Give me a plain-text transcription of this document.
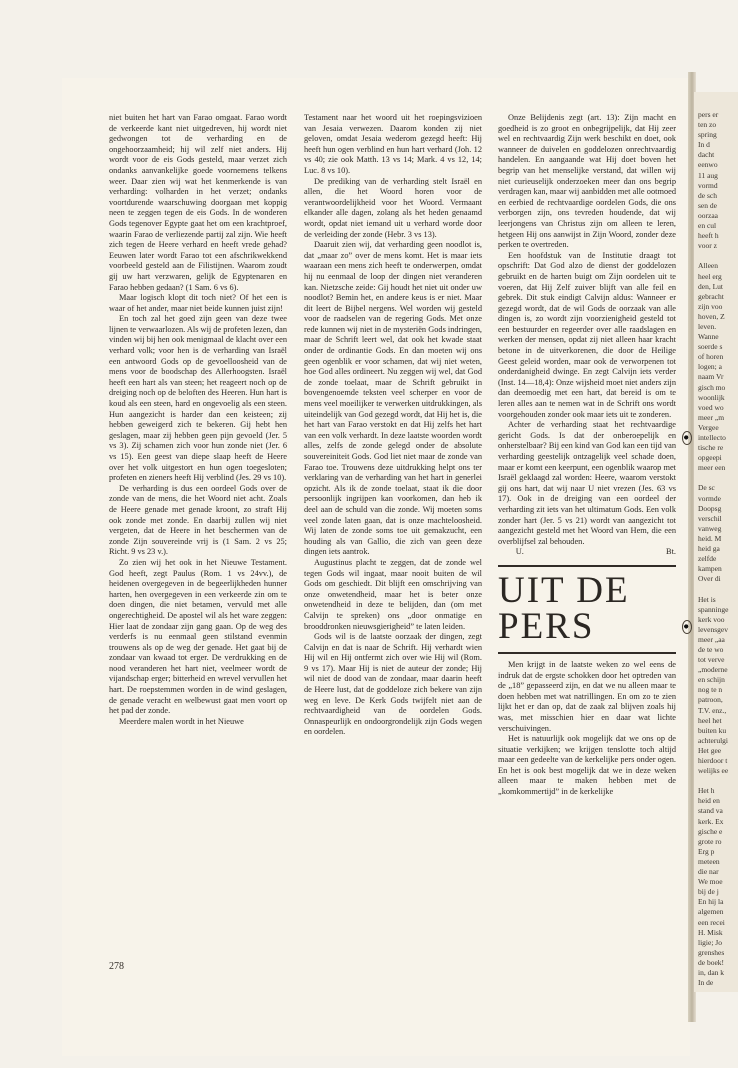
pers er
ten zo
spring
In d
dacht
eenwo
11 aug
vormd
de sch
sen de
oorzaa
en cul
heeft h
voor z

Alleen
heel erg
den, Lut
gebracht
zijn voo
hoven, Z
leven.
Wanne
soerde s
of horen
logen; a
naam Vr
gisch mo
woonlijk
voed wo
meer „m
Vergee
intellecto
tische re
opgeepi
meer een

De sc
vormde
Doopsg
verschil
vanweg
heid. M
heid ga
zelfde
kampen
Over di

Het is
spanninge
kerk voo
levensgev
meer „aa
de te wo
tot verve
„moderne
en schijn
nog te n
patroon,
T.V. enz.,
heel het
buiten ku
achterulgi
Het gee
hierdoor t
welijks ee

Het h
heid en
stand va
kerk. Ex
gische e
grote ro
Erg p
meteen
die nar
We moe
bij de j
En hij la
algemen
een recei
H. Misk
ligie; Jo
grenshes
de boek!
in, dan k
In de

niet buiten het hart van Farao omgaat. Farao wordt de verkeerde kant niet uitgedreven, hij wordt niet gedwongen tot de verharding en de ongehoorzaamheid; hij wil zelf niet anders. Hij wordt voor de eis Gods gesteld, maar verzet zich ondanks aanvankelijke goede voornemens telkens weer. Daar zien wij wat het kenmerkende is van verharding: volharden in het verzet; ondanks voortdurende waarschuwing doorgaan met koppig neen te zeggen tegen de eis Gods. In de wonderen Gods tegenover Egypte gaat het om een krachtproef, waarin Farao de verliezende partij zal zijn. Wie heeft zich tegen de Heere verhard en heeft vrede gehad? Eeuwen later wordt Farao tot een afschrikwekkend voorbeeld gesteld aan de Filistijnen. Waarom zoudt gij uw hart verzwaren, gelijk de Egyptenaren en Farao hebben gedaan? (1 Sam. 6 vs 6).

Maar logisch klopt dit toch niet? Of het een is waar of het ander, maar niet beide kunnen juist zijn!

En toch zal het goed zijn geen van deze twee lijnen te verwaarlozen. Als wij de profeten lezen, dan vinden wij bij hen ook menigmaal de klacht over een verhard volk; voor hen is de verharding van Israël een antwoord Gods op de gevoelloosheid van de mens voor de boodschap des Allerhoogsten. Israël heeft een hart als van steen; het reageert noch op de dreiging noch op de beloften des Heeren. Hun hart is koud als een steen, hard en ongevoelig als een steen. Hun aangezicht is harder dan een keisteen; zij hebben geweigerd zich te bekeren. Gij hebt hen geslagen, maar zij hebben geen pijn gevoeld (Jer. 5 vs 3). Zij schamen zich voor hun zonde niet (Jer. 6 vs 15). Een geest van diepe slaap heeft de Heere over het volk uitgestort en hun ogen toegesloten; profeten en zieners heeft Hij verblind (Jes. 29 vs 10).

De verharding is dus een oordeel Gods over de zonde van de mens, die het Woord niet acht. Zoals de Heere genade met genade kroont, zo straft Hij ook zonde met zonde. En daarbij zullen wij niet vergeten, dat de Heere in het beschermen van de zonde Zijn souvereinde vrij is (1 Sam. 2 vs 25; Richt. 9 vs 23 v.).

Zo zien wij het ook in het Nieuwe Testament. God heeft, zegt Paulus (Rom. 1 vs 24vv.), de heidenen overgegeven in de begeerlijkheden hunner harten, hen overgegeven in een verkeerde zin om te doen dingen, die niet betamen, vervuld met alle ongerechtigheid. De apostel wil als het ware zeggen: Hier laat de zondaar zijn gang gaan. Op de weg des verderfs is nu eenmaal geen stilstand evenmin trouwens als op de weg der genade. Het gaat bij de zondaar van kwaad tot erger. De verdrukking en de nood veranderen het hart niet, veelmeer wordt de vijandschap erger; bitterheid en wrevel vervullen het hart. De roepstemmen worden in de wind geslagen, de genade veracht en welbewust gaat men voort op het pad der zonde.

Meerdere malen wordt in het Nieuwe

Testament naar het woord uit het roepingsvizioen van Jesaia verwezen. Daarom konden zij niet geloven, omdat Jesaia wederom gezegd heeft: Hij heeft hun ogen verblind en hun hart verhard (Joh. 12 vs 40; zie ook Matth. 13 vs 14; Mark. 4 vs 12, 14; Luc. 8 vs 10).

De prediking van de verharding stelt Israël en allen, die het Woord horen voor de verantwoordelijkheid voor het Woord. Vermaant elkander alle dagen, zolang als het heden genaamd wordt, opdat niet iemand uit u verhard worde door de verleiding der zonde (Hebr. 3 vs 13).

Daaruit zien wij, dat verharding geen noodlot is, dat „maar zo” over de mens komt. Het is maar iets waaraan een mens zich heeft te onderwerpen, omdat hij nu eenmaal de loop der dingen niet veranderen kan. Nietzsche zeide: Gij houdt het niet uit onder uw noodlot? Bemin het, en andere keus is er niet. Maar dit leert de Bijbel nergens. Wel worden wij gesteld voor de raadselen van de regering Gods. Met onze rede kunnen wij niet in de mysteriën Gods indringen, maar de Schrift leert wel, dat ook het kwade staat onder de ordinantie Gods. En dan moeten wij ons geen ogenblik er voor schamen, dat wij niet weten, hoe God alles ordineert. Nu zeggen wij wel, dat God de zonde toelaat, maar de Schrift gebruikt in bovengenoemde teksten veel scherper en voor de mens veel moeilijker te verwerken uitdrukkingen, als uiteindelijk van God gezegd wordt, dat Hij het is, die het hart van Farao verstokt en dat Hij zelfs het hart van een volk verhardt. In deze laatste woorden wordt alles, zelfs de zonde gelegd onder de absolute souvereiniteit Gods. God liet niet maar de zonde van Farao toe. Trouwens deze uitdrukking helpt ons ter verklaring van de verharding van het hart in generlei opzicht. Als ik de zonde toelaat, staat ik die door persoonlijk ingrijpen kan voorkomen, dan heb ik deel aan de schuld van die zonde. Wij moeten soms veel zonde laten gaan, dat is onze machteloosheid. Wij laten de zonde soms toe uit gemakzucht, een houding als van Gallio, die zich van geen deze dingen iets aantrok.

Augustinus placht te zeggen, dat de zonde wel tegen Gods wil ingaat, maar nooit buiten de wil Gods om geschiedt. Dit blijft een omschrijving van onze onwetendheid, maar het is beter onze onwetendheid in deze te belijden, dan (om met Calvijn te spreken) ons „door onmatige en brooddronken nieuwsgierigheid” te laten leiden.

Gods wil is de laatste oorzaak der dingen, zegt Calvijn en dat is naar de Schrift. Hij verhardt wien Hij wil en Hij ontfermt zich over wie Hij wil (Rom. 9 vs 17). Maar Hij is niet de auteur der zonde; Hij wil niet de dood van de zondaar, maar daarin heeft de Heere lust, dat de goddeloze zich bekere van zijn weg en leve. De Kerk Gods twijfelt niet aan de rechtvaardigheid van de oordelen Gods. Onnaspeurlijk en ondoorgrondelijk zijn Gods wegen en oordelen.

Onze Belijdenis zegt (art. 13): Zijn macht en goedheid is zo groot en onbegrijpelijk, dat Hij zeer wel en rechtvaardig Zijn werk beschikt en doet, ook wanneer de duivelen en goddelozen onrechtvaardig handelen. En aangaande wat Hij doet boven het begrip van het menselijke verstand, dat willen wij niet curieuselijk onderzoeken meer dan ons begrip verdragen kan, maar wij aanbidden met alle ootmoed en eerbied de rechtvaardige oordelen Gods, die ons verborgen zijn, ons tevreden houdende, dat wij leerjongens van Christus zijn om alleen te leren, hetgeen Hij ons aanwijst in Zijn Woord, zonder deze perken te overtreden.

Een hoofdstuk van de Institutie draagt tot opschrift: Dat God alzo de dienst der goddelozen gebruikt en de harten buigt om Zijn oordelen uit te voeren, dat Hij Zelf zuiver blijft van alle feil en gebrek. Dit stuk eindigt Calvijn aldus: Wanneer er gezegd wordt, dat de wil Gods de oorzaak van alle dingen is, zo wordt zijn voorzienigheid gesteld tot een bestuurder en regeerder over alle raadslagen en werken der mensen, opdat zij niet alleen haar kracht betone in de uitverkorenen, die door de Heilige Geest geleid worden, maar ook de verworpenen tot onderdanigheid dwinge. En zegt Calvijn iets verder (Inst. 14—18,4): Onze wijsheid moet niet anders zijn dan deemoedig met een hart, dat bereid is om te leren alles aan te nemen wat in de Schrift ons wordt voorgehouden zonder ook maar iets uit te zonderen.

Achter de verharding staat het rechtvaardige gericht Gods. Is dat der onberoepelijk en onherstelbaar? Bij een kind van God kan een tijd van verharding geestelijk ontzagelijk veel schade doen, maar er komt een keerpunt, een ogenblik waarop met Israël geklaagd zal worden: Heere, waarom verstokt gij ons hart, dat wij naar U niet vrezen (Jes. 63 vs 17). Ook in de dreiging van een oordeel der verharding zit iets van het ultimatum Gods. Een volk zonder hart (Jer. 5 vs 21) wordt van aangezicht tot aangezicht gesteld met het Woord van Hem, die een overblijfsel zal behouden.

U.	Bt.
UIT DE PERS

Men krijgt in de laatste weken zo wel eens de indruk dat de ergste schokken door het optreden van de „18” gepasseerd zijn, en dat we nu alleen maar te doen hebben met wat natrillingen. En om zo te zien lijkt het er dan op, dat de zaak zal blijven zoals hij was, met misschien hier en daar wat lichte verschuivingen.

Het is natuurlijk ook mogelijk dat we ons op de situatie verkijken; we krijgen tenslotte toch altijd maar een gedeelte van de kerkelijke pers onder ogen. En het is ook best mogelijk dat we in deze weken alleen maar te maken hebben met de „komkommertijd” in de kerkelijke

278
